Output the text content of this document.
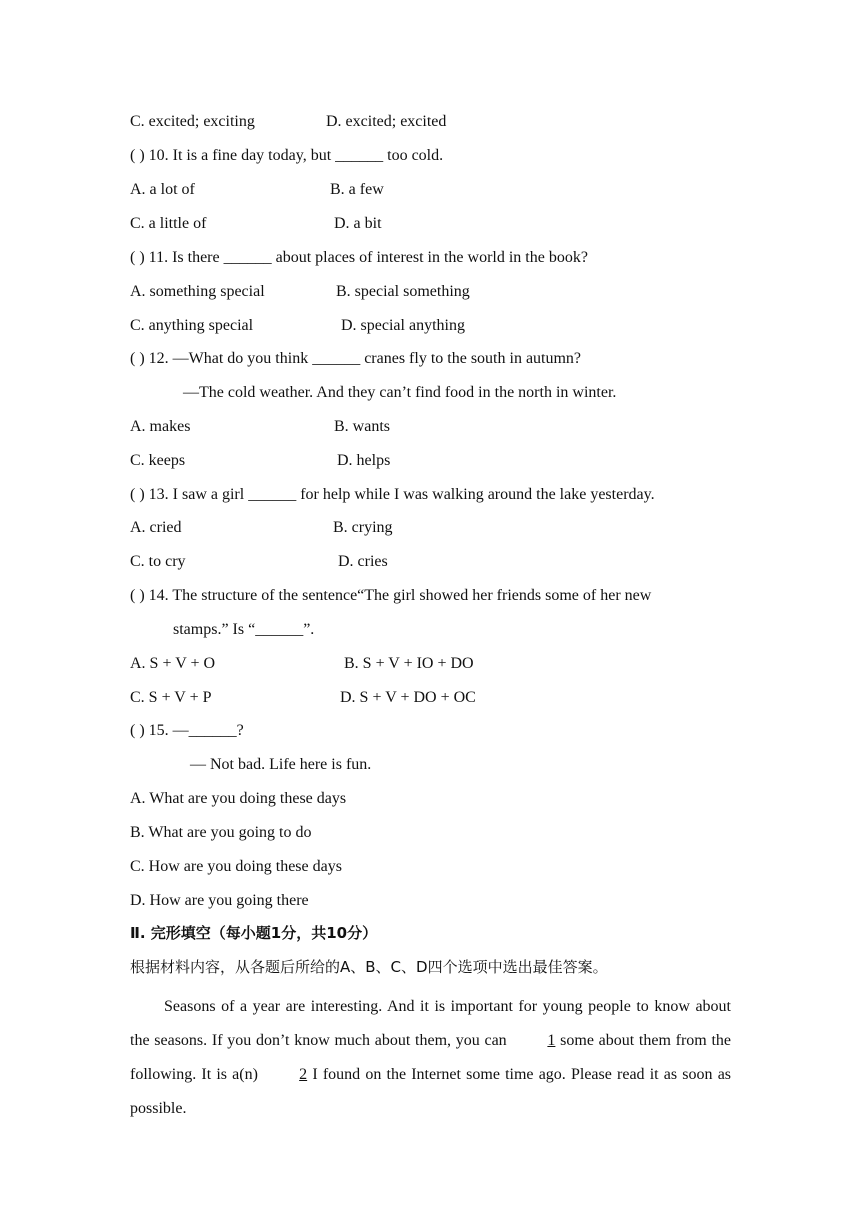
C. excited; exciting	D. excited; excited
( ) 10. It is a fine day today, but ______ too cold.
A. a lot of	B. a few
C. a little of	D. a bit
( ) 11. Is there ______ about places of interest in the world in the book?
A. something special	B. special something
C. anything special	D. special anything
( ) 12. —What do you think ______ cranes fly to the south in autumn?
—The cold weather. And they can’t find food in the north in winter.
A. makes	B. wants
C. keeps	D. helps
( ) 13. I saw a girl ______ for help while I was walking around the lake yesterday.
A. cried	B. crying
C. to cry	D. cries
( ) 14. The structure of the sentence“The girl showed her friends some of her new
stamps.” Is “______”.
A. S + V + O	B. S + V + IO + DO
C. S + V + P	D. S + V + DO + OC
( ) 15. —______?
— Not bad. Life here is fun.
A. What are you doing these days
B. What are you going to do
C. How are you doing these days
D. How are you going there
Ⅱ. 完形填空（每小题1分，共10分）
根据材料内容，从各题后所给的A、B、C、D四个选项中选出最佳答案。
Seasons of a year are interesting. And it is important for young people to know about the seasons. If you don’t know much about them, you can	1 some about them from the following. It is a(n)	2 I found on the Internet some time ago. Please read it as soon as possible.
